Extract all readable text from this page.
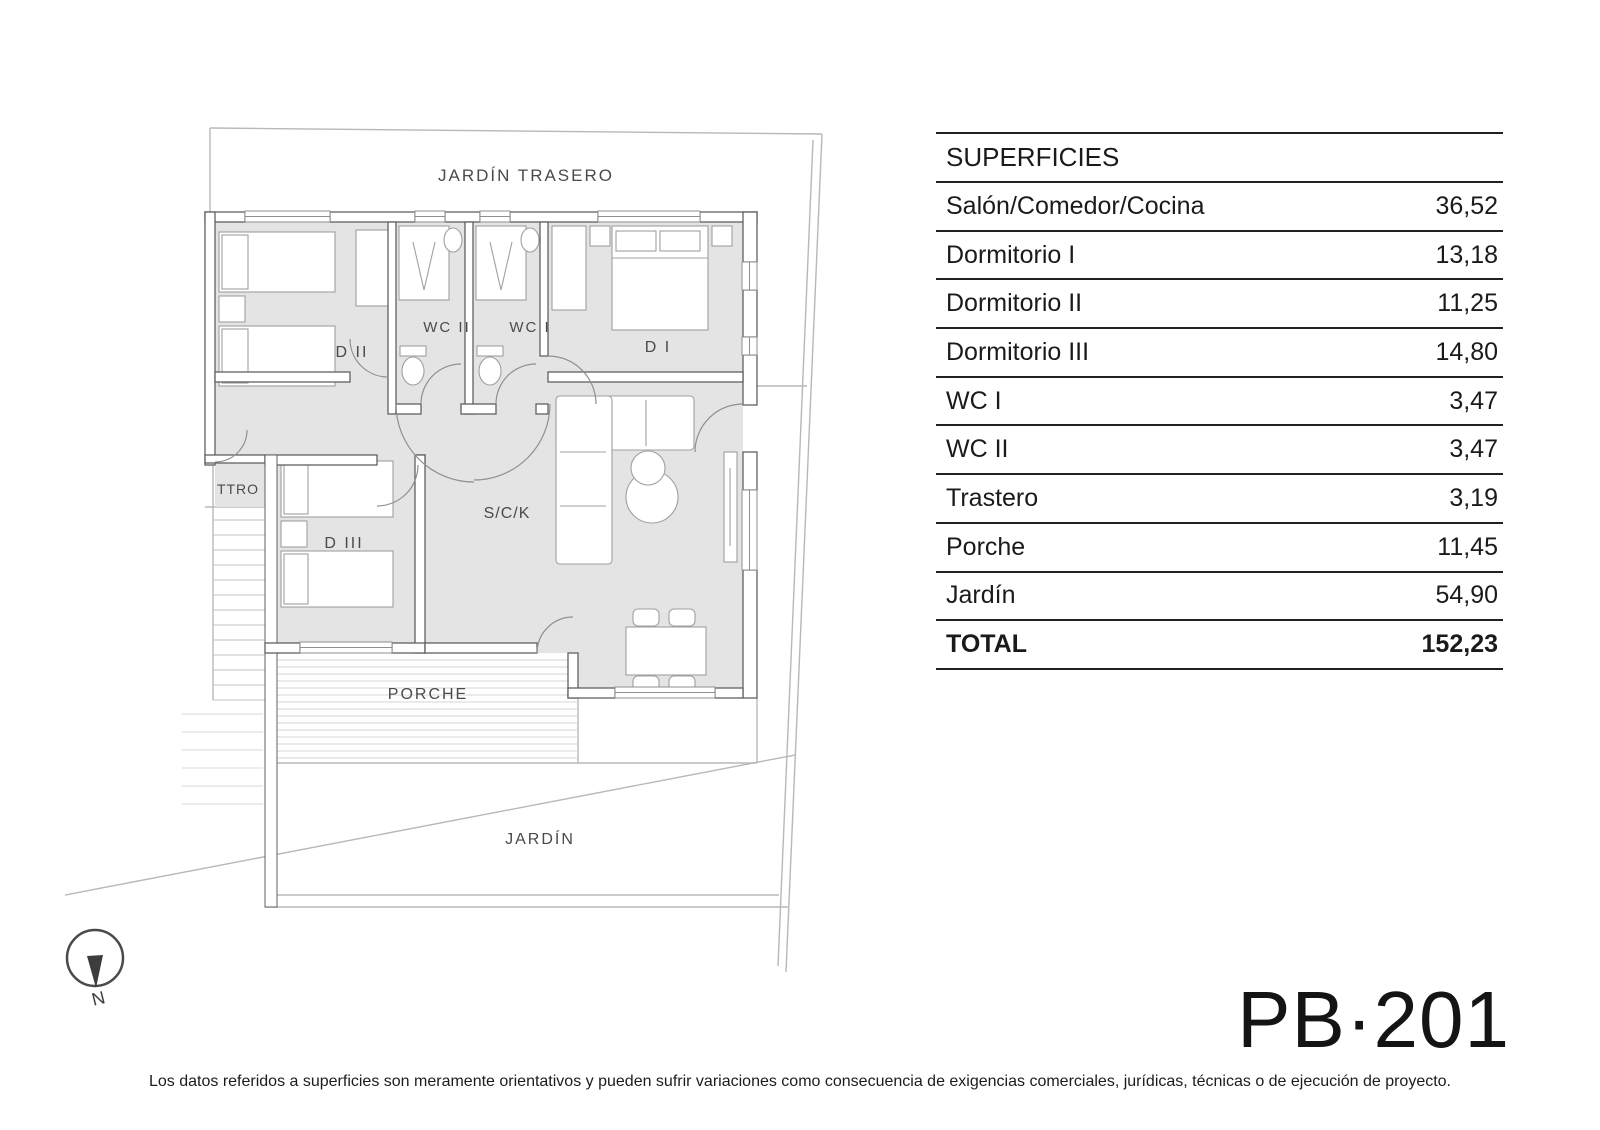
JARDÍN TRASERO
D II
WC II	WC I
D I
TTRO
D III
S/C/K
PORCHE
JARDÍN
N
SUPERFICIES
Salón/Comedor/Cocina	36,52
Dormitorio I	13,18
Dormitorio II	11,25
Dormitorio III	14,80
WC I	3,47
WC II	3,47
Trastero	3,19
Porche	11,45
Jardín	54,90
TOTAL	152,23
PB·201
Los datos referidos a superficies son meramente orientativos y pueden sufrir variaciones como consecuencia de exigencias comerciales, jurídicas, técnicas o de ejecución de proyecto.
